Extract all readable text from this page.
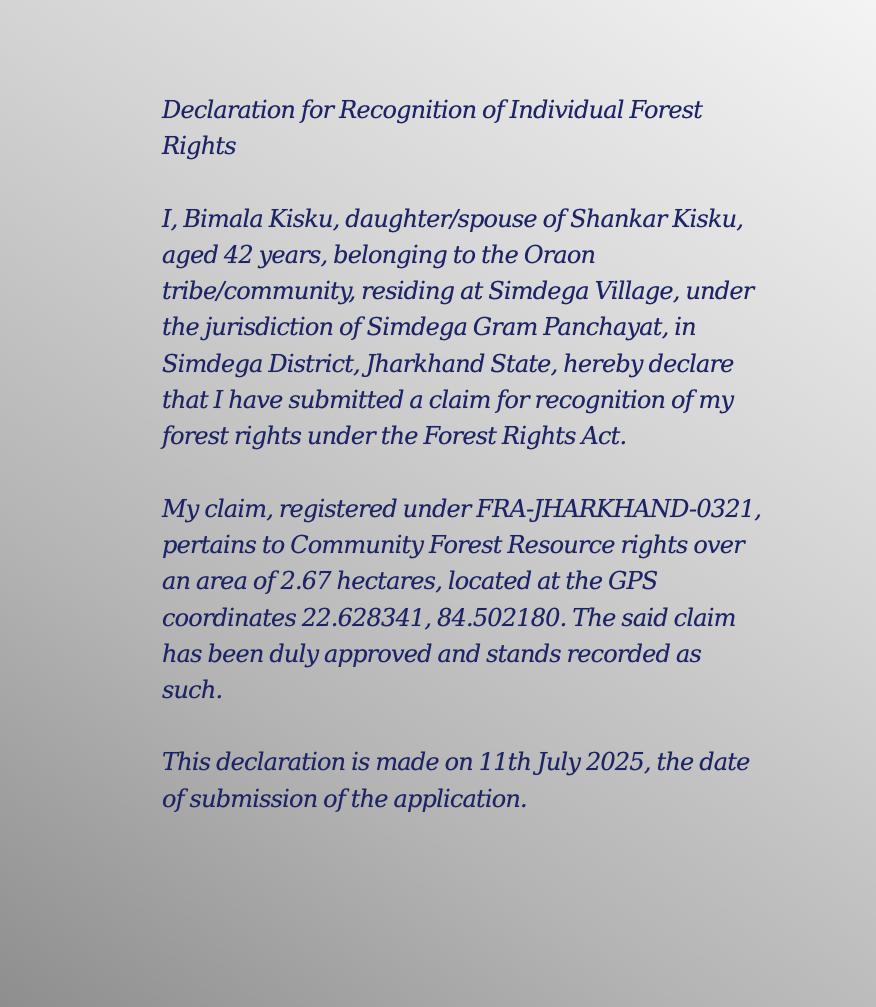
Declaration for Recognition of Individual Forest Rights

I, Bimala Kisku, daughter/spouse of Shankar Kisku, aged 42 years, belonging to the Oraon tribe/community, residing at Simdega Village, under the jurisdiction of Simdega Gram Panchayat, in Simdega District, Jharkhand State, hereby declare that I have submitted a claim for recognition of my forest rights under the Forest Rights Act.

My claim, registered under FRA-JHARKHAND-0321, pertains to Community Forest Resource rights over an area of 2.67 hectares, located at the GPS coordinates 22.628341, 84.502180. The said claim has been duly approved and stands recorded as such.

This declaration is made on 11th July 2025, the date of submission of the application.
